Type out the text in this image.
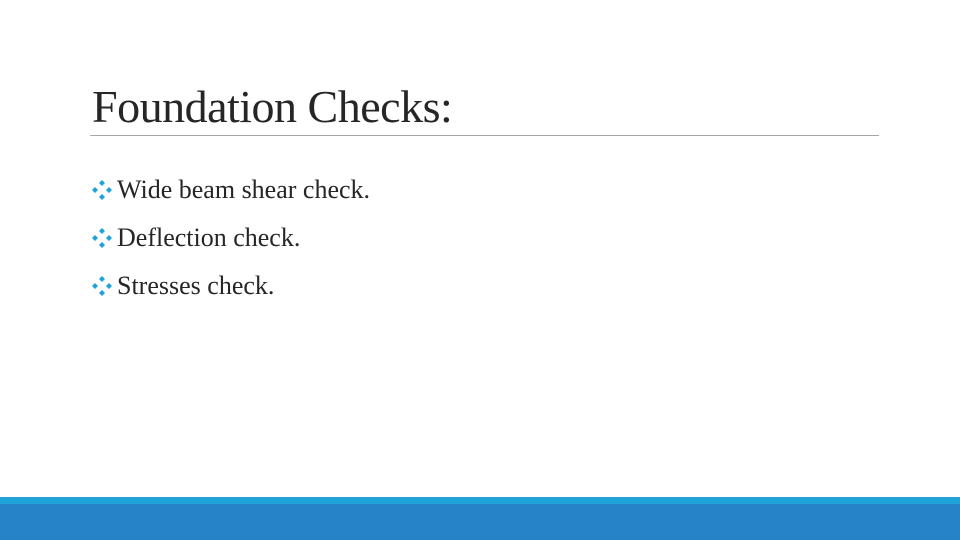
Foundation Checks:
Wide beam shear check.
Deflection check.
Stresses check.
